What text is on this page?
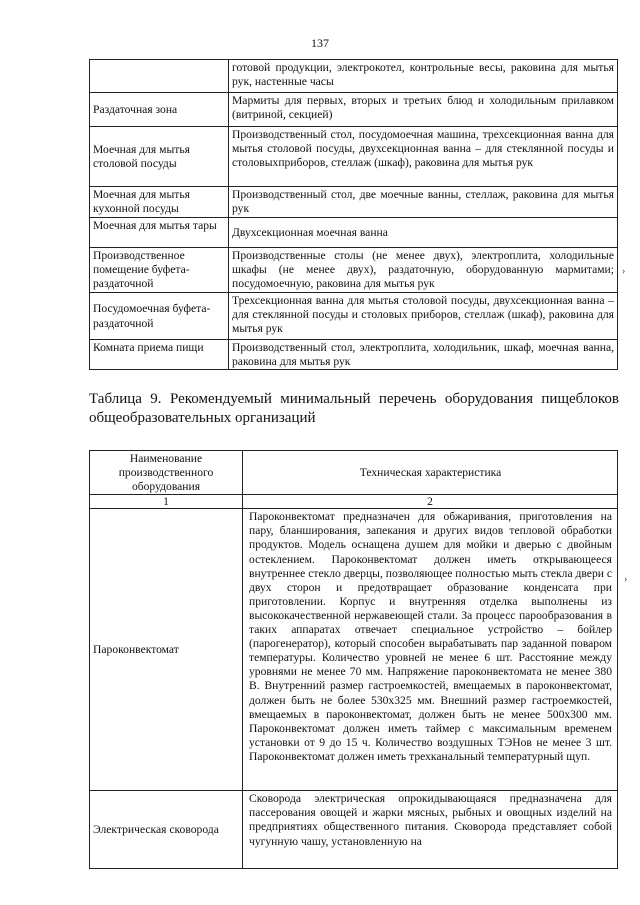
137
	готовой продукции, электрокотел, контрольные весы, раковина для мытья рук, настенные часы
Раздаточная зона	Мармиты для первых, вторых и третьих блюд и холодильным прилавком (витриной, секцией)
Моечная для мытья столовой посуды	Производственный стол, посудомоечная машина, трехсекционная ванна для мытья столовой посуды, двухсекционная ванна – для стеклянной посуды и столовыхприборов, стеллаж (шкаф), раковина для мытья рук
Моечная для мытья кухонной посуды	Производственный стол, две моечные ванны, стеллаж, раковина для мытья рук
Моечная для мытья тары	Двухсекционная моечная ванна
Производственное помещение буфета-раздаточной	Производственные столы (не менее двух), электроплита, холодильные шкафы (не менее двух), раздаточную, оборудованную мармитами; посудомоечную, раковина для мытья рук
Посудомоечная буфета-раздаточной	Трехсекционная ванна для мытья столовой посуды, двухсекционная ванна – для стеклянной посуды и столовых приборов, стеллаж (шкаф), раковина для мытья рук
Комната приема пищи	Производственный стол, электроплита, холодильник, шкаф, моечная ванна, раковина для мытья рук
Таблица 9. Рекомендуемый минимальный перечень оборудования пищеблоков общеобразовательных организаций
Наименование производственного оборудования	Техническая характеристика
1	2
Пароконвектомат	Пароконвектомат предназначен для обжаривания, приготовления на пару, бланширования, запекания и других видов тепловой обработки продуктов. Модель оснащена душем для мойки и дверью с двойным остеклением. Пароконвектомат должен иметь открывающееся внутреннее стекло дверцы, позволяющее полностью мыть стекла двери с двух сторон и предотвращает образование конденсата при приготовлении. Корпус и внутренняя отделка выполнены из высококачественной нержавеющей стали. За процесс парообразования в таких аппаратах отвечает специальное устройство – бойлер (парогенератор), который способен вырабатывать пар заданной поваром температуры. Количество уровней не менее 6 шт. Расстояние между уровнями не менее 70 мм. Напряжение пароконвектомата не менее 380 В. Внутренний размер гастроемкостей, вмещаемых в пароконвектомат, должен быть не более 530х325 мм. Внешний размер гастроемкостей, вмещаемых в пароконвектомат, должен быть не менее 500х300 мм. Пароконвектомат должен иметь таймер с максимальным временем установки от 9 до 15 ч. Количество воздушных ТЭНов не менее 3 шт. Пароконвектомат должен иметь трехканальный температурный щуп.
Электрическая сковорода	Сковорода электрическая опрокидывающаяся предназначена для пассерования овощей и жарки мясных, рыбных и овощных изделий на предприятиях общественного питания. Сковорода представляет собой чугунную чашу, установленную на
›
›
